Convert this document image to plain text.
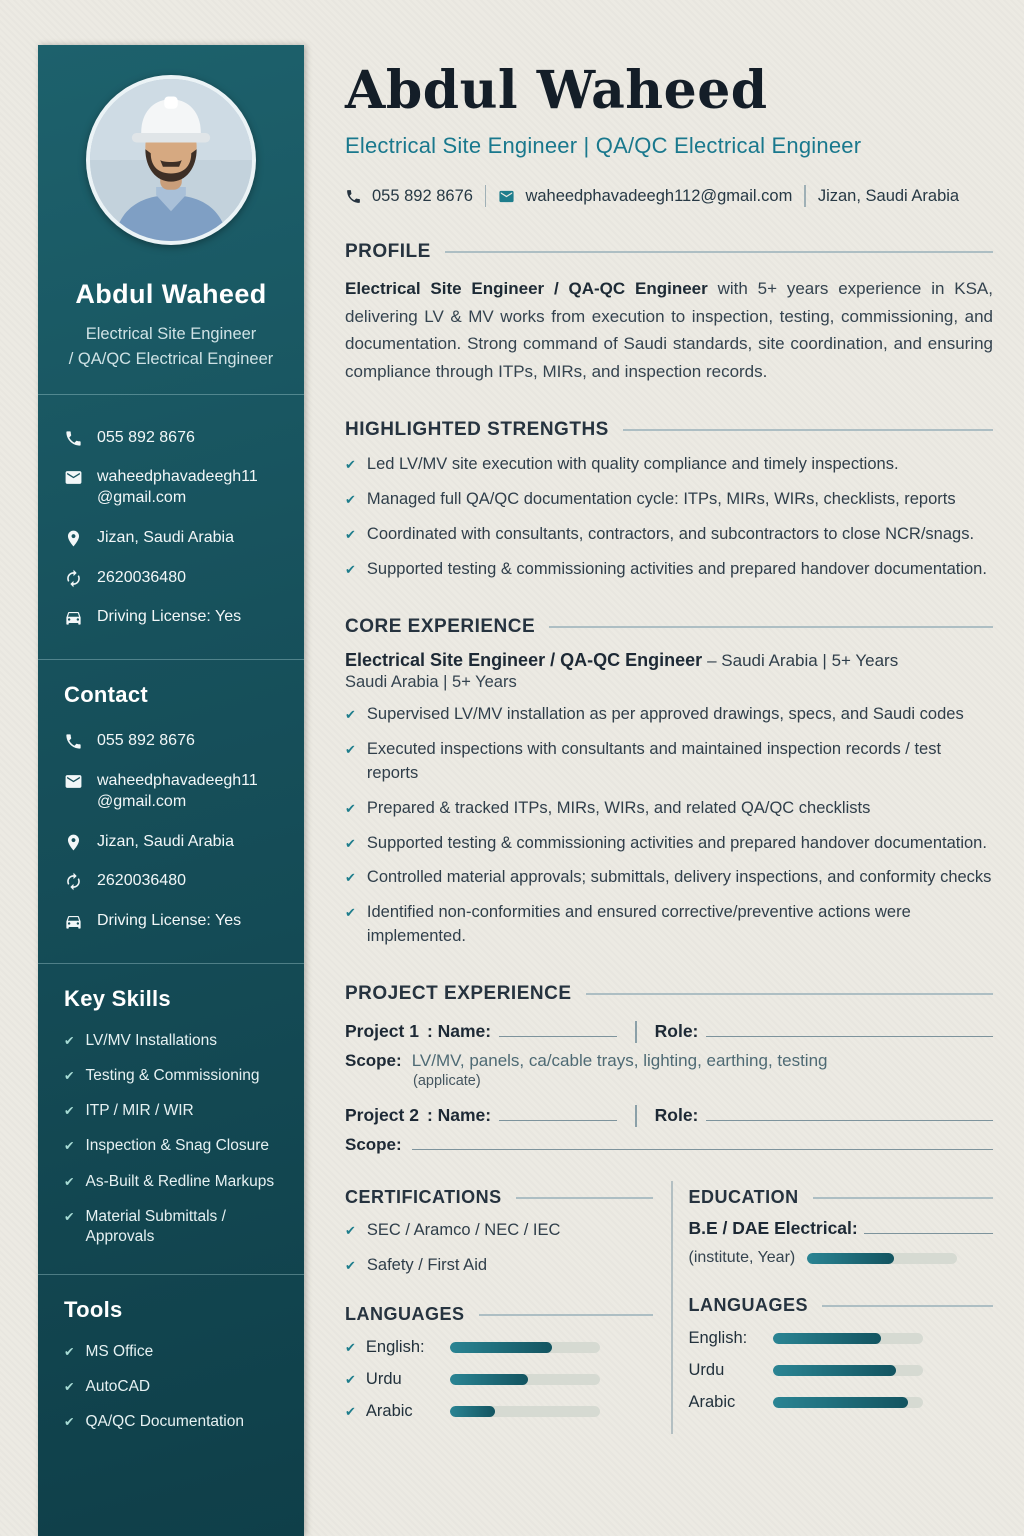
Abdul Waheed
Electrical Site Engineer
/ QA/QC Electrical Engineer
055 892 8676
waheedphavadeegh11
@gmail.com
Jizan, Saudi Arabia
2620036480
Driving License: Yes
Contact
055 892 8676
waheedphavadeegh11
@gmail.com
Jizan, Saudi Arabia
2620036480
Driving License: Yes
Key Skills
✔ LV/MV Installations
✔ Testing & Commissioning
✔ ITP / MIR / WIR
✔ Inspection & Snag Closure
✔ As-Built & Redline Markups
✔ Material Submittals / Approvals
Tools
✔ MS Office
✔ AutoCAD
✔ QA/QC Documentation
Abdul Waheed
Electrical Site Engineer | QA/QC Electrical Engineer
055 892 8676	waheedphavadeegh112@gmail.com Jizan, Saudi Arabia
PROFILE

Electrical Site Engineer / QA-QC Engineer with 5+ years experience in KSA, delivering LV & MV works from execution to inspection, testing, commissioning, and documentation. Strong command of Saudi standards, site coordination, and ensuring compliance through ITPs, MIRs, and inspection records.

HIGHLIGHTED STRENGTHS
✔ Led LV/MV site execution with quality compliance and timely inspections.
✔ Managed full QA/QC documentation cycle: ITPs, MIRs, WIRs, checklists, reports
✔ Coordinated with consultants, contractors, and subcontractors to close NCR/snags.
✔ Supported testing & commissioning activities and prepared handover documentation.
CORE EXPERIENCE
Electrical Site Engineer / QA-QC Engineer – Saudi Arabia | 5+ Years
Saudi Arabia | 5+ Years
✔ Supervised LV/MV installation as per approved drawings, specs, and Saudi codes
✔ Executed inspections with consultants and maintained inspection records / test reports
✔ Prepared & tracked ITPs, MIRs, WIRs, and related QA/QC checklists
✔ Supported testing & commissioning activities and prepared handover documentation.
✔ Controlled material approvals; submittals, delivery inspections, and conformity checks
✔ Identified non-conformities and ensured corrective/preventive actions were implemented.
PROJECT EXPERIENCE
Project 1 : Name:	Role:
Scope: LV/MV, panels, ca/cable trays, lighting, earthing, testing
(applicate)
Project 2 : Name:	Role:
Scope:
CERTIFICATIONS
✔ SEC / Aramco / NEC / IEC
✔ Safety / First Aid
LANGUAGES
✔ English:
✔ Urdu
✔ Arabic
EDUCATION
B.E / DAE Electrical:
(institute, Year)
LANGUAGES
English:
Urdu
Arabic
